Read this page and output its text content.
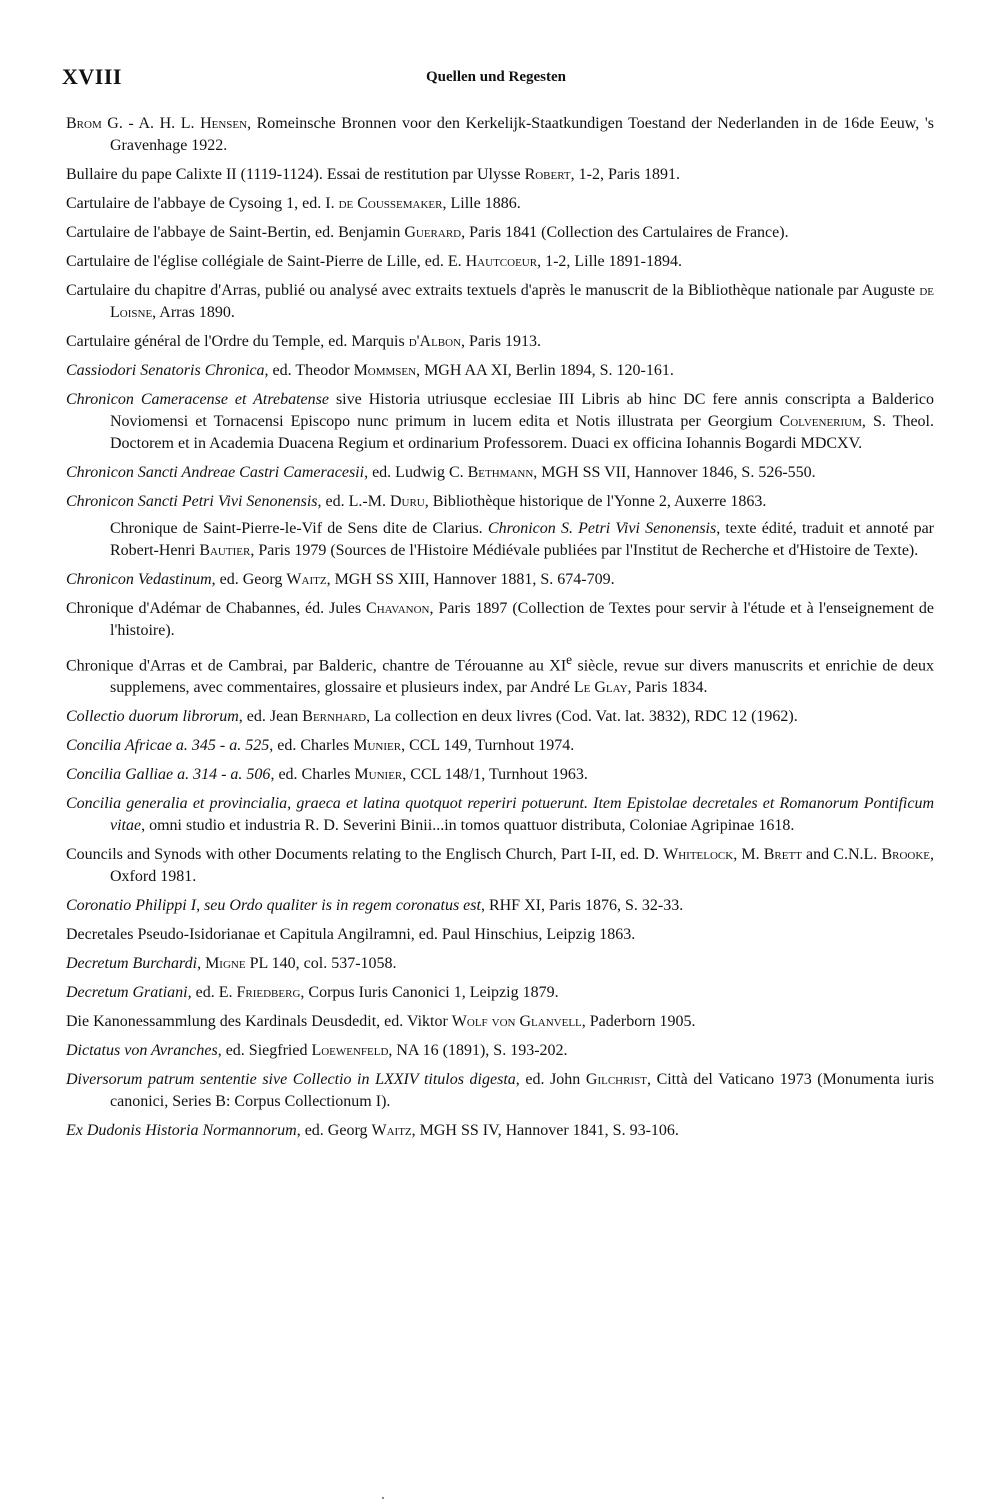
XVIII	Quellen und Regesten

Brom G. - A. H. L. Hensen, Romeinsche Bronnen voor den Kerkelijk-Staatkundigen Toestand der Nederlanden in de 16de Eeuw, 's Gravenhage 1922.

Bullaire du pape Calixte II (1119-1124). Essai de restitution par Ulysse Robert, 1-2, Paris 1891.

Cartulaire de l'abbaye de Cysoing 1, ed. I. de Coussemaker, Lille 1886.

Cartulaire de l'abbaye de Saint-Bertin, ed. Benjamin Guerard, Paris 1841 (Collection des Cartulaires de France).

Cartulaire de l'église collégiale de Saint-Pierre de Lille, ed. E. Hautcoeur, 1-2, Lille 1891-1894.

Cartulaire du chapitre d'Arras, publié ou analysé avec extraits textuels d'après le manuscrit de la Bibliothèque nationale par Auguste de Loisne, Arras 1890.

Cartulaire général de l'Ordre du Temple, ed. Marquis d'Albon, Paris 1913.

Cassiodori Senatoris Chronica, ed. Theodor Mommsen, MGH AA XI, Berlin 1894, S. 120-161.

Chronicon Cameracense et Atrebatense sive Historia utriusque ecclesiae III Libris ab hinc DC fere annis conscripta a Balderico Noviomensi et Tornacensi Episcopo nunc primum in lucem edita et Notis illustrata per Georgium Colvenerium, S. Theol. Doctorem et in Academia Duacena Regium et ordinarium Professorem. Duaci ex officina Iohannis Bogardi MDCXV.

Chronicon Sancti Andreae Castri Cameracesii, ed. Ludwig C. Bethmann, MGH SS VII, Hannover 1846, S. 526-550.

Chronicon Sancti Petri Vivi Senonensis, ed. L.-M. Duru, Bibliothèque historique de l'Yonne 2, Auxerre 1863.

Chronique de Saint-Pierre-le-Vif de Sens dite de Clarius. Chronicon S. Petri Vivi Senonensis, texte édité, traduit et annoté par Robert-Henri Bautier, Paris 1979 (Sources de l'Histoire Médiévale publiées par l'Institut de Recherche et d'Histoire de Texte).

Chronicon Vedastinum, ed. Georg Waitz, MGH SS XIII, Hannover 1881, S. 674-709.

Chronique d'Adémar de Chabannes, éd. Jules Chavanon, Paris 1897 (Collection de Textes pour servir à l'étude et à l'enseignement de l'histoire).

Chronique d'Arras et de Cambrai, par Balderic, chantre de Térouanne au XIe siècle, revue sur divers manuscrits et enrichie de deux supplemens, avec commentaires, glossaire et plusieurs index, par André Le Glay, Paris 1834.

Collectio duorum librorum, ed. Jean Bernhard, La collection en deux livres (Cod. Vat. lat. 3832), RDC 12 (1962).

Concilia Africae a. 345 - a. 525, ed. Charles Munier, CCL 149, Turnhout 1974.

Concilia Galliae a. 314 - a. 506, ed. Charles Munier, CCL 148/1, Turnhout 1963.

Concilia generalia et provincialia, graeca et latina quotquot reperiri potuerunt. Item Epistolae decretales et Romanorum Pontificum vitae, omni studio et industria R. D. Severini Binii...in tomos quattuor distributa, Coloniae Agripinae 1618.

Councils and Synods with other Documents relating to the Englisch Church, Part I-II, ed. D. Whitelock, M. Brett and C.N.L. Brooke, Oxford 1981.

Coronatio Philippi I, seu Ordo qualiter is in regem coronatus est, RHF XI, Paris 1876, S. 32-33.

Decretales Pseudo-Isidorianae et Capitula Angilramni, ed. Paul Hinschius, Leipzig 1863.

Decretum Burchardi, Migne PL 140, col. 537-1058.

Decretum Gratiani, ed. E. Friedberg, Corpus Iuris Canonici 1, Leipzig 1879.

Die Kanonessammlung des Kardinals Deusdedit, ed. Viktor Wolf von Glanvell, Paderborn 1905.

Dictatus von Avranches, ed. Siegfried Loewenfeld, NA 16 (1891), S. 193-202.

Diversorum patrum sententie sive Collectio in LXXIV titulos digesta, ed. John Gilchrist, Città del Vaticano 1973 (Monumenta iuris canonici, Series B: Corpus Collectionum I).

Ex Dudonis Historia Normannorum, ed. Georg Waitz, MGH SS IV, Hannover 1841, S. 93-106.
